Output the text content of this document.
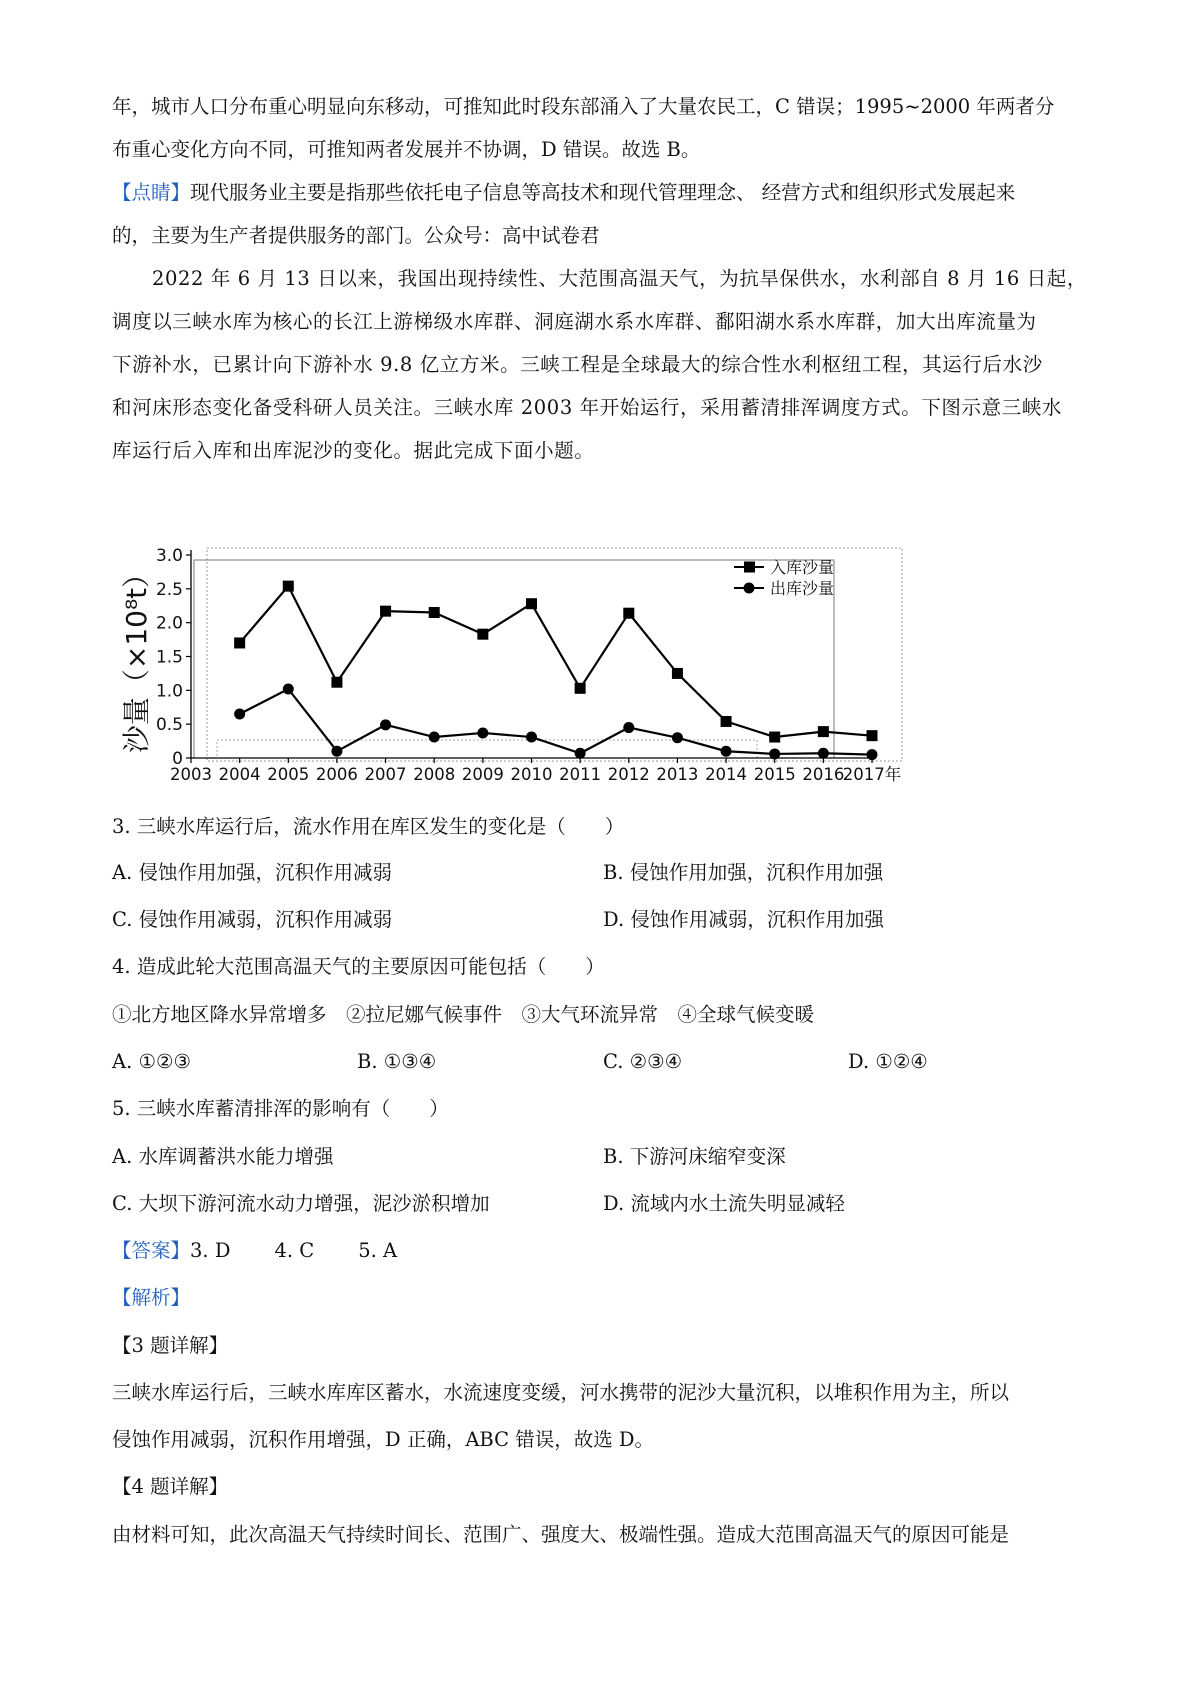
年，城市人口分布重心明显向东移动，可推知此时段东部涌入了大量农民工，C 错误；1995~2000 年两者分
布重心变化方向不同，可推知两者发展并不协调，D 错误。故选 B。
【点睛】现代服务业主要是指那些依托电子信息等高技术和现代管理理念、 经营方式和组织形式发展起来
的，主要为生产者提供服务的部门。公众号：高中试卷君
2022 年 6 月 13 日以来，我国出现持续性、大范围高温天气，为抗旱保供水，水利部自 8 月 16 日起，
调度以三峡水库为核心的长江上游梯级水库群、洞庭湖水系水库群、鄱阳湖水系水库群，加大出库流量为
下游补水，已累计向下游补水 9.8 亿立方米。三峡工程是全球最大的综合性水利枢纽工程，其运行后水沙
和河床形态变化备受科研人员关注。三峡水库 2003 年开始运行，采用蓄清排浑调度方式。下图示意三峡水
库运行后入库和出库泥沙的变化。据此完成下面小题。
0
0.5
1.0
1.5
2.0
2.5
3.0
2003 2004 2005 2006 2007 2008 2009 2010 2011 2012 2013 2014 2015 2016
2017年
沙量（×10⁸t）	入库沙量
出库沙量
3. 三峡水库运行后，流水作用在库区发生的变化是（　　）
A. 侵蚀作用加强，沉积作用减弱	B. 侵蚀作用加强，沉积作用加强
C. 侵蚀作用减弱，沉积作用减弱	D. 侵蚀作用减弱，沉积作用加强
4. 造成此轮大范围高温天气的主要原因可能包括（　　）
①北方地区降水异常增多　②拉尼娜气候事件　③大气环流异常　④全球气候变暖
A. ①②③	B. ①③④	C. ②③④	D. ①②④
5. 三峡水库蓄清排浑的影响有（　　）
A. 水库调蓄洪水能力增强	B. 下游河床缩窄变深
C. 大坝下游河流水动力增强，泥沙淤积增加	D. 流域内水土流失明显减轻
【答案】3. D 4. C 5. A
【解析】
【3 题详解】
三峡水库运行后，三峡水库库区蓄水，水流速度变缓，河水携带的泥沙大量沉积，以堆积作用为主，所以
侵蚀作用减弱，沉积作用增强，D 正确，ABC 错误，故选 D。
【4 题详解】
由材料可知，此次高温天气持续时间长、范围广、强度大、极端性强。造成大范围高温天气的原因可能是
